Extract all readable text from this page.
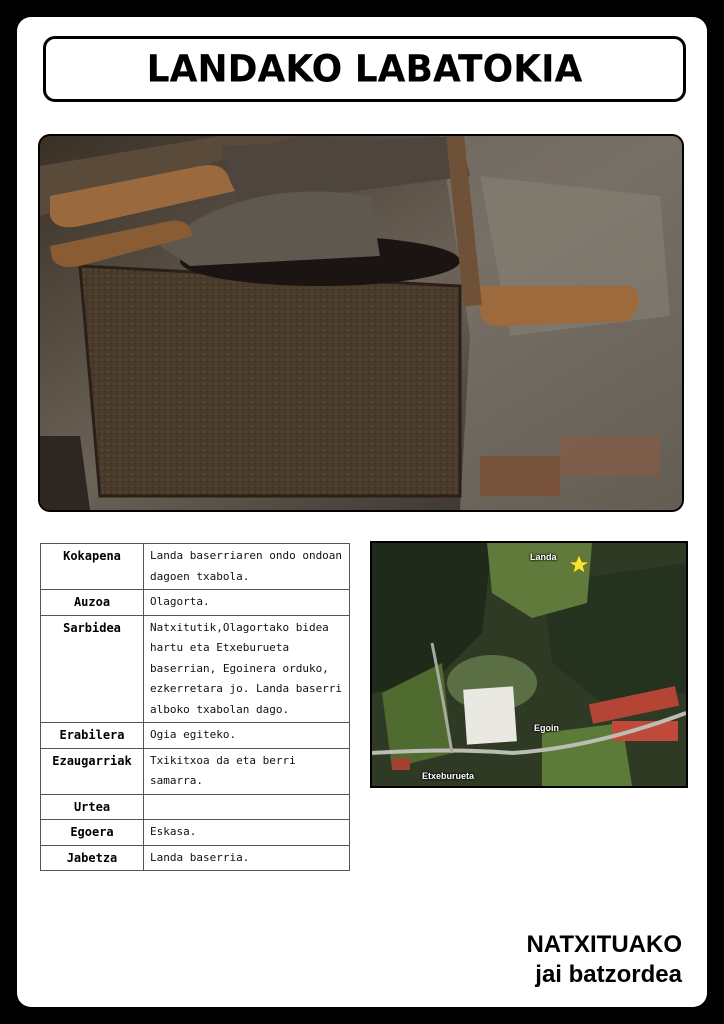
LANDAKO LABATOKIA
Kokapena	Landa baserriaren ondo ondoan dagoen txabola.
Auzoa	Olagorta.
Sarbidea	Natxitutik,Olagortako bidea hartu eta Etxeburueta baserrian, Egoinera orduko, ezkerretara jo. Landa baserri alboko txabolan dago.
Erabilera	Ogia egiteko.
Ezaugarriak	Txikitxoa da eta berri samarra.
Urtea	
Egoera	Eskasa.
Jabetza	Landa baserria.
Landa
Egoin
Etxeburueta
NATXITUAKO
jai batzordea
